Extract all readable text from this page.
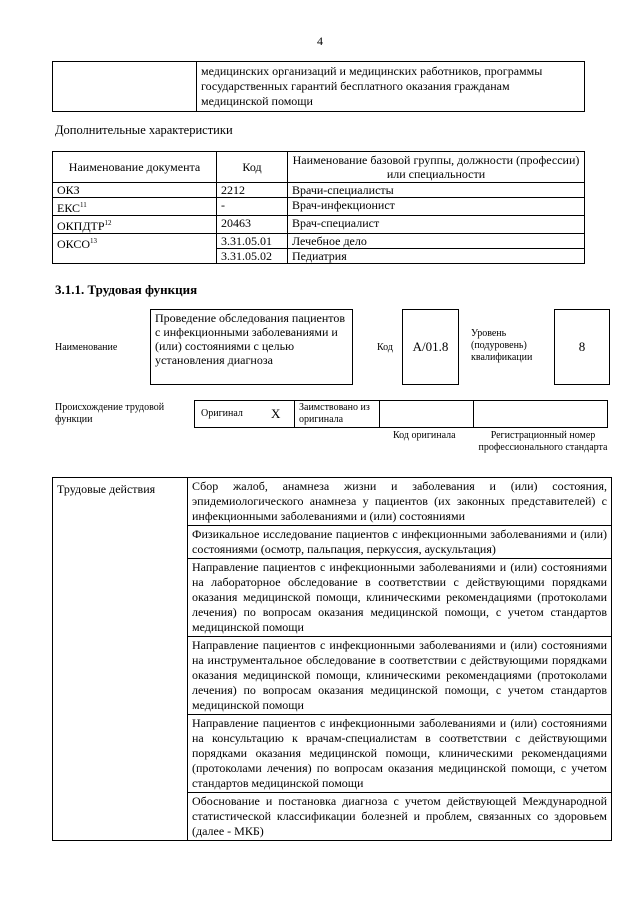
4
	медицинских организаций и медицинских работников, программы государственных гарантий бесплатного оказания гражданам медицинской помощи
Дополнительные характеристики
Наименование документа	Код	Наименование базовой группы, должности (профессии) или специальности
ОКЗ	2212	Врачи-специалисты
ЕКС$^{11}$	-	Врач-инфекционист
ОКПДТР$^{12}$	20463	Врач-специалист
ОКСО$^{13}$	3.31.05.01	Лечебное дело
	3.31.05.02	Педиатрия
3.1.1. Трудовая функция
Наименование
Проведение обследования пациентов с инфекционными заболеваниями и (или) состояниями с целью установления диагноза
Код	A/01.8
Уровень (подуровень) квалификации
8
Происхождение трудовой функции
Оригинал X	Заимствовано из оригинала
Код оригинала	Регистрационный номер профессионального стандарта
Трудовые действия	Сбор жалоб, анамнеза жизни и заболевания и (или) состояния, эпидемиологического анамнеза у пациентов (их законных представителей) с инфекционными заболеваниями и (или) состояниями
Физикальное исследование пациентов с инфекционными заболеваниями и (или) состояниями (осмотр, пальпация, перкуссия, аускультация)
Направление пациентов с инфекционными заболеваниями и (или) состояниями на лабораторное обследование в соответствии с действующими порядками оказания медицинской помощи, клиническими рекомендациями (протоколами лечения) по вопросам оказания медицинской помощи, с учетом стандартов медицинской помощи
Направление пациентов с инфекционными заболеваниями и (или) состояниями на инструментальное обследование в соответствии с действующими порядками оказания медицинской помощи, клиническими рекомендациями (протоколами лечения) по вопросам оказания медицинской помощи, с учетом стандартов медицинской помощи
Направление пациентов с инфекционными заболеваниями и (или) состояниями на консультацию к врачам-специалистам в соответствии с действующими порядками оказания медицинской помощи, клиническими рекомендациями (протоколами лечения) по вопросам оказания медицинской помощи, с учетом стандартов медицинской помощи
Обоснование и постановка диагноза с учетом действующей Международной статистической классификации болезней и проблем, связанных со здоровьем (далее - МКБ)
